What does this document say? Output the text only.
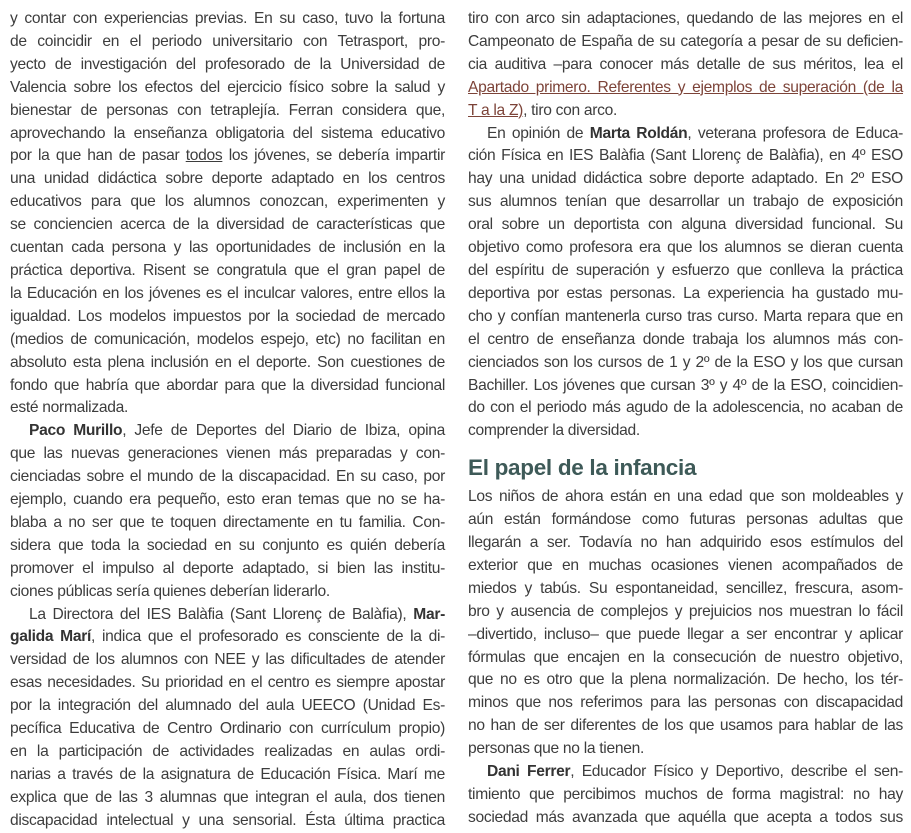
y contar con experiencias previas. En su caso, tuvo la fortuna
de coincidir en el periodo universitario con Tetrasport, pro-
yecto de investigación del profesorado de la Universidad de
Valencia sobre los efectos del ejercicio físico sobre la salud y
bienestar de personas con tetraplejía. Ferran considera que,
aprovechando la enseñanza obligatoria del sistema educativo
por la que han de pasar todos los jóvenes, se debería impartir
una unidad didáctica sobre deporte adaptado en los centros
educativos para que los alumnos conozcan, experimenten y
se conciencien acerca de la diversidad de características que
cuentan cada persona y las oportunidades de inclusión en la
práctica deportiva. Risent se congratula que el gran papel de
la Educación en los jóvenes es el inculcar valores, entre ellos la
igualdad. Los modelos impuestos por la sociedad de mercado
(medios de comunicación, modelos espejo, etc) no facilitan en
absoluto esta plena inclusión en el deporte. Son cuestiones de
fondo que habría que abordar para que la diversidad funcional
esté normalizada.
Paco Murillo, Jefe de Deportes del Diario de Ibiza, opina
que las nuevas generaciones vienen más preparadas y con-
cienciadas sobre el mundo de la discapacidad. En su caso, por
ejemplo, cuando era pequeño, esto eran temas que no se ha-
blaba a no ser que te toquen directamente en tu familia. Con-
sidera que toda la sociedad en su conjunto es quién debería
promover el impulso al deporte adaptado, si bien las institu-
ciones públicas sería quienes deberían liderarlo.
La Directora del IES Balàfia (Sant Llorenç de Balàfia), Mar-
galida Marí, indica que el profesorado es consciente de la di-
versidad de los alumnos con NEE y las dificultades de atender
esas necesidades. Su prioridad en el centro es siempre apostar
por la integración del alumnado del aula UEECO (Unidad Es-
pecífica Educativa de Centro Ordinario con currículum propio)
en la participación de actividades realizadas en aulas ordi-
narias a través de la asignatura de Educación Física. Marí me
explica que de las 3 alumnas que integran el aula, dos tienen
discapacidad intelectual y una sensorial. Ésta última practica
tiro con arco sin adaptaciones, quedando de las mejores en el
Campeonato de España de su categoría a pesar de su deficien-
cia auditiva –para conocer más detalle de sus méritos, lea el
Apartado primero. Referentes y ejemplos de superación (de la
T a la Z), tiro con arco.
En opinión de Marta Roldán, veterana profesora de Educa-
ción Física en IES Balàfia (Sant Llorenç de Balàfia), en 4º ESO
hay una unidad didáctica sobre deporte adaptado. En 2º ESO
sus alumnos tenían que desarrollar un trabajo de exposición
oral sobre un deportista con alguna diversidad funcional. Su
objetivo como profesora era que los alumnos se dieran cuenta
del espíritu de superación y esfuerzo que conlleva la práctica
deportiva por estas personas. La experiencia ha gustado mu-
cho y confían mantenerla curso tras curso. Marta repara que en
el centro de enseñanza donde trabaja los alumnos más con-
cienciados son los cursos de 1 y 2º de la ESO y los que cursan
Bachiller. Los jóvenes que cursan 3º y 4º de la ESO, coincidien-
do con el periodo más agudo de la adolescencia, no acaban de
comprender la diversidad.
El papel de la infancia
Los niños de ahora están en una edad que son moldeables y
aún están formándose como futuras personas adultas que
llegarán a ser. Todavía no han adquirido esos estímulos del
exterior que en muchas ocasiones vienen acompañados de
miedos y tabús. Su espontaneidad, sencillez, frescura, asom-
bro y ausencia de complejos y prejuicios nos muestran lo fácil
–divertido, incluso– que puede llegar a ser encontrar y aplicar
fórmulas que encajen en la consecución de nuestro objetivo,
que no es otro que la plena normalización. De hecho, los tér-
minos que nos referimos para las personas con discapacidad
no han de ser diferentes de los que usamos para hablar de las
personas que no la tienen.
Dani Ferrer, Educador Físico y Deportivo, describe el sen-
timiento que percibimos muchos de forma magistral: no hay
sociedad más avanzada que aquélla que acepta a todos sus
